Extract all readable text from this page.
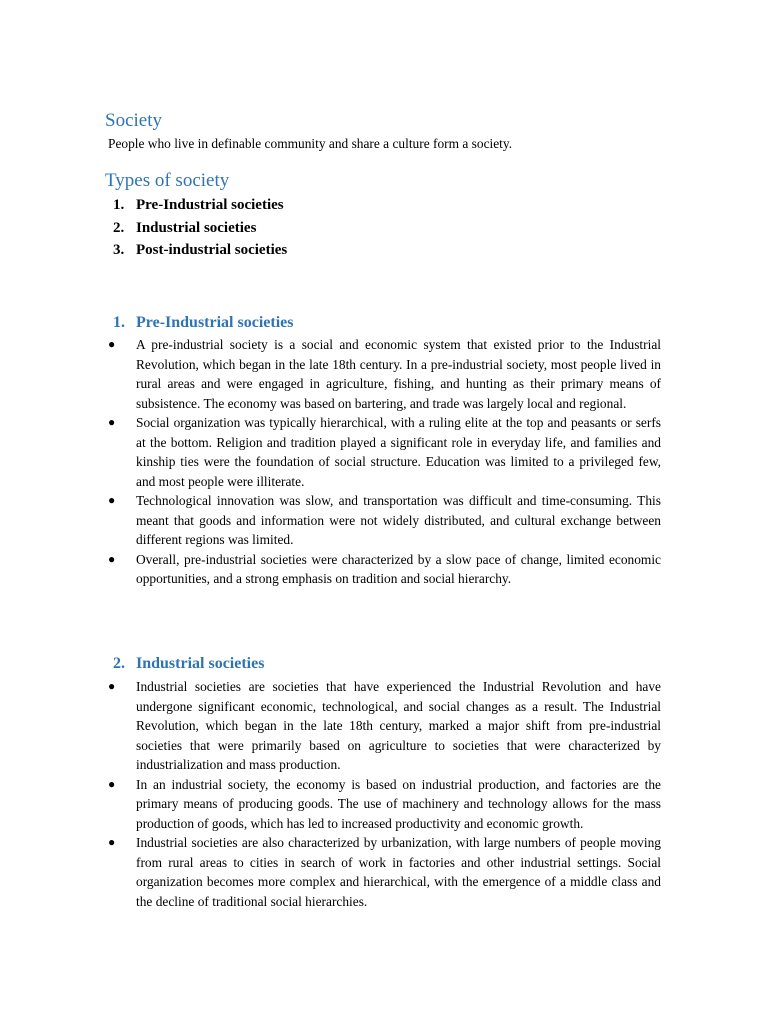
Society

People who live in definable community and share a culture form a society.

Types of society
1. Pre-Industrial societies
2. Industrial societies
3. Post-industrial societies
1. Pre-Industrial societies
● A pre-industrial society is a social and economic system that existed prior to the Industrial Revolution, which began in the late 18th century. In a pre-industrial society, most people lived in rural areas and were engaged in agriculture, fishing, and hunting as their primary means of subsistence. The economy was based on bartering, and trade was largely local and regional.
● Social organization was typically hierarchical, with a ruling elite at the top and peasants or serfs at the bottom. Religion and tradition played a significant role in everyday life, and families and kinship ties were the foundation of social structure. Education was limited to a privileged few, and most people were illiterate.
● Technological innovation was slow, and transportation was difficult and time-consuming. This meant that goods and information were not widely distributed, and cultural exchange between different regions was limited.
● Overall, pre-industrial societies were characterized by a slow pace of change, limited economic opportunities, and a strong emphasis on tradition and social hierarchy.
2. Industrial societies
● Industrial societies are societies that have experienced the Industrial Revolution and have undergone significant economic, technological, and social changes as a result. The Industrial Revolution, which began in the late 18th century, marked a major shift from pre-industrial societies that were primarily based on agriculture to societies that were characterized by industrialization and mass production.
● In an industrial society, the economy is based on industrial production, and factories are the primary means of producing goods. The use of machinery and technology allows for the mass production of goods, which has led to increased productivity and economic growth.
● Industrial societies are also characterized by urbanization, with large numbers of people moving from rural areas to cities in search of work in factories and other industrial settings. Social organization becomes more complex and hierarchical, with the emergence of a middle class and the decline of traditional social hierarchies.
